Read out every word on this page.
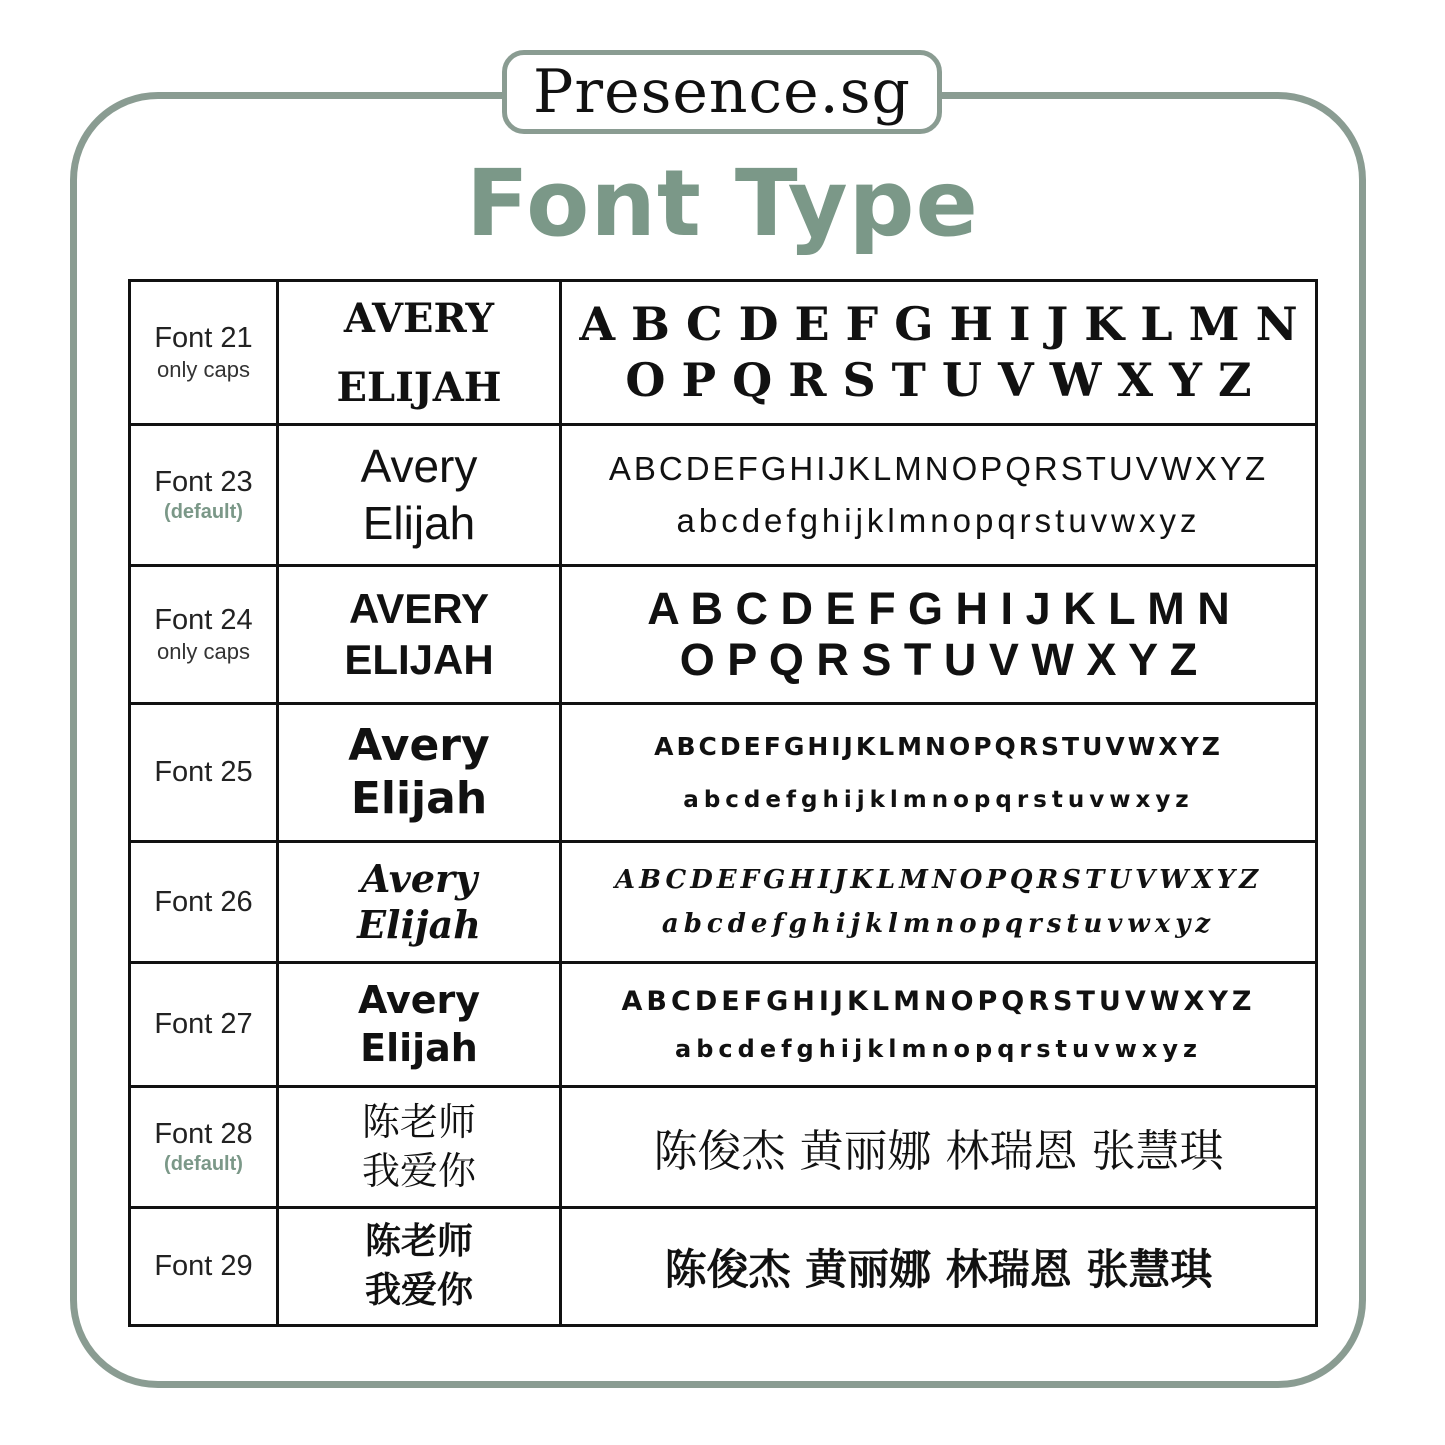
Presence.sg
Font Type
Font 21
only caps
AVERY
ELIJAH
A B C D E F G H I J K L M N
O P Q R S T U V W X Y Z
Font 23
(default)
Avery
Elijah
ABCDEFGHIJKLMNOPQRSTUVWXYZ
abcdefghijklmnopqrstuvwxyz
Font 24
only caps
AVERY
ELIJAH
A B C D E F G H I J K L M N
O P Q R S T U V W X Y Z
Font 25
Avery
Elijah
ABCDEFGHIJKLMNOPQRSTUVWXYZ
abcdefghijklmnopqrstuvwxyz
Font 26
Avery
Elijah
ABCDEFGHIJKLMNOPQRSTUVWXYZ
abcdefghijklmnopqrstuvwxyz
Font 27
Avery
Elijah
ABCDEFGHIJKLMNOPQRSTUVWXYZ
abcdefghijklmnopqrstuvwxyz
Font 28
(default)
陈老师
我爱你	陈俊杰 黄丽娜 林瑞恩 张慧琪
Font 29
陈老师
我爱你	陈俊杰 黄丽娜 林瑞恩 张慧琪
